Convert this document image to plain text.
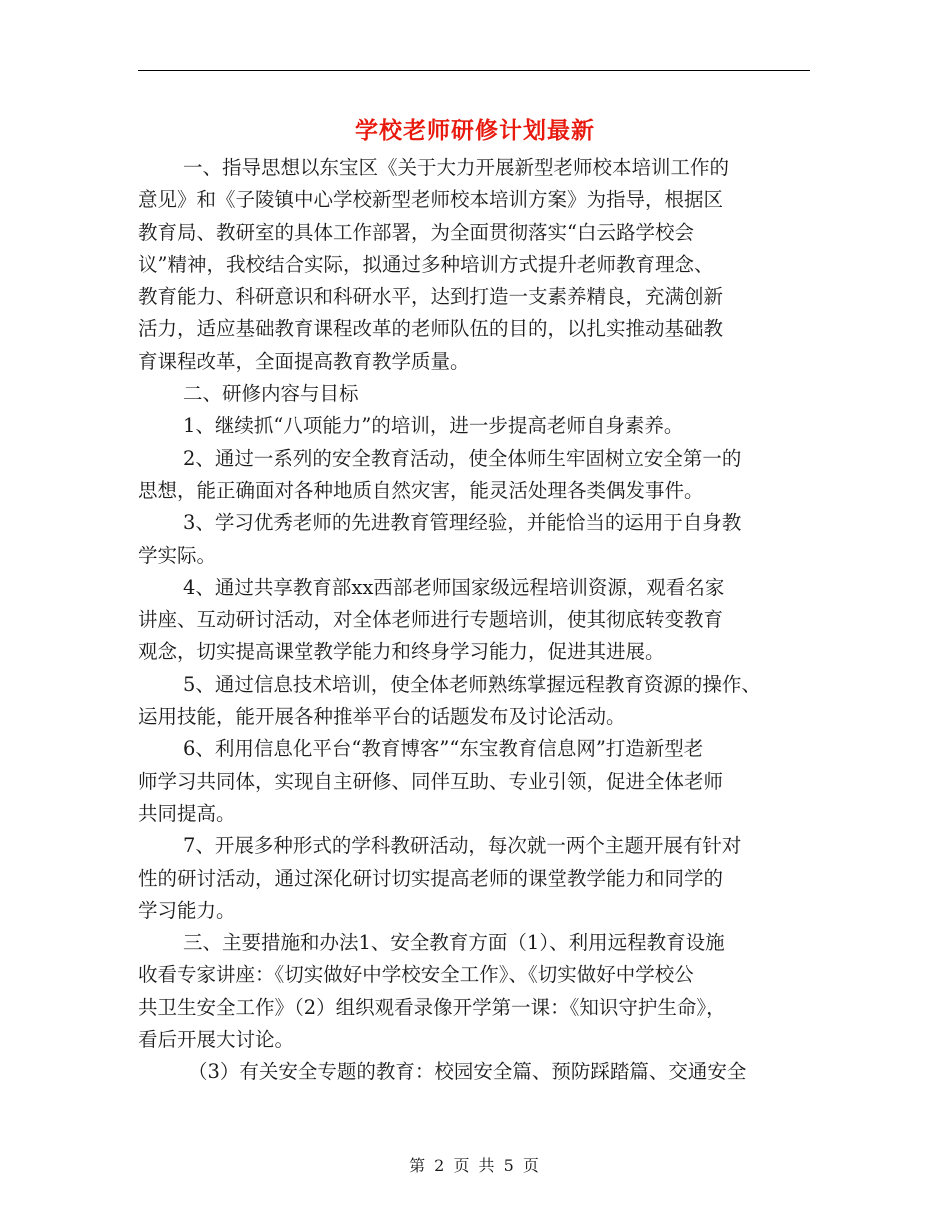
学校老师研修计划最新
一、指导思想以东宝区《关于大力开展新型老师校本培训工作的
意见》和《子陵镇中心学校新型老师校本培训方案》为指导，根据区
教育局、教研室的具体工作部署，为全面贯彻落实“白云路学校会
议”精神，我校结合实际，拟通过多种培训方式提升老师教育理念、
教育能力、科研意识和科研水平，达到打造一支素养精良，充满创新
活力，适应基础教育课程改革的老师队伍的目的，以扎实推动基础教
育课程改革，全面提高教育教学质量。
二、研修内容与目标
1、继续抓“八项能力”的培训，进一步提高老师自身素养。
2、通过一系列的安全教育活动，使全体师生牢固树立安全第一的
思想，能正确面对各种地质自然灾害，能灵活处理各类偶发事件。
3、学习优秀老师的先进教育管理经验，并能恰当的运用于自身教
学实际。
4、通过共享教育部xx西部老师国家级远程培训资源，观看名家
讲座、互动研讨活动，对全体老师进行专题培训，使其彻底转变教育
观念，切实提高课堂教学能力和终身学习能力，促进其进展。
5、通过信息技术培训，使全体老师熟练掌握远程教育资源的操作、
运用技能，能开展各种推举平台的话题发布及讨论活动。
6、利用信息化平台“教育博客”“东宝教育信息网”打造新型老
师学习共同体，实现自主研修、同伴互助、专业引领，促进全体老师
共同提高。
7、开展多种形式的学科教研活动，每次就一两个主题开展有针对
性的研讨活动，通过深化研讨切实提高老师的课堂教学能力和同学的
学习能力。
三、主要措施和办法1、安全教育方面（1）、利用远程教育设施
收看专家讲座：《切实做好中学校安全工作》、《切实做好中学校公
共卫生安全工作》（2）组织观看录像开学第一课：《知识守护生命》，
看后开展大讨论。
（3）有关安全专题的教育：校园安全篇、预防踩踏篇、交通安全
第 2 页 共 5 页
